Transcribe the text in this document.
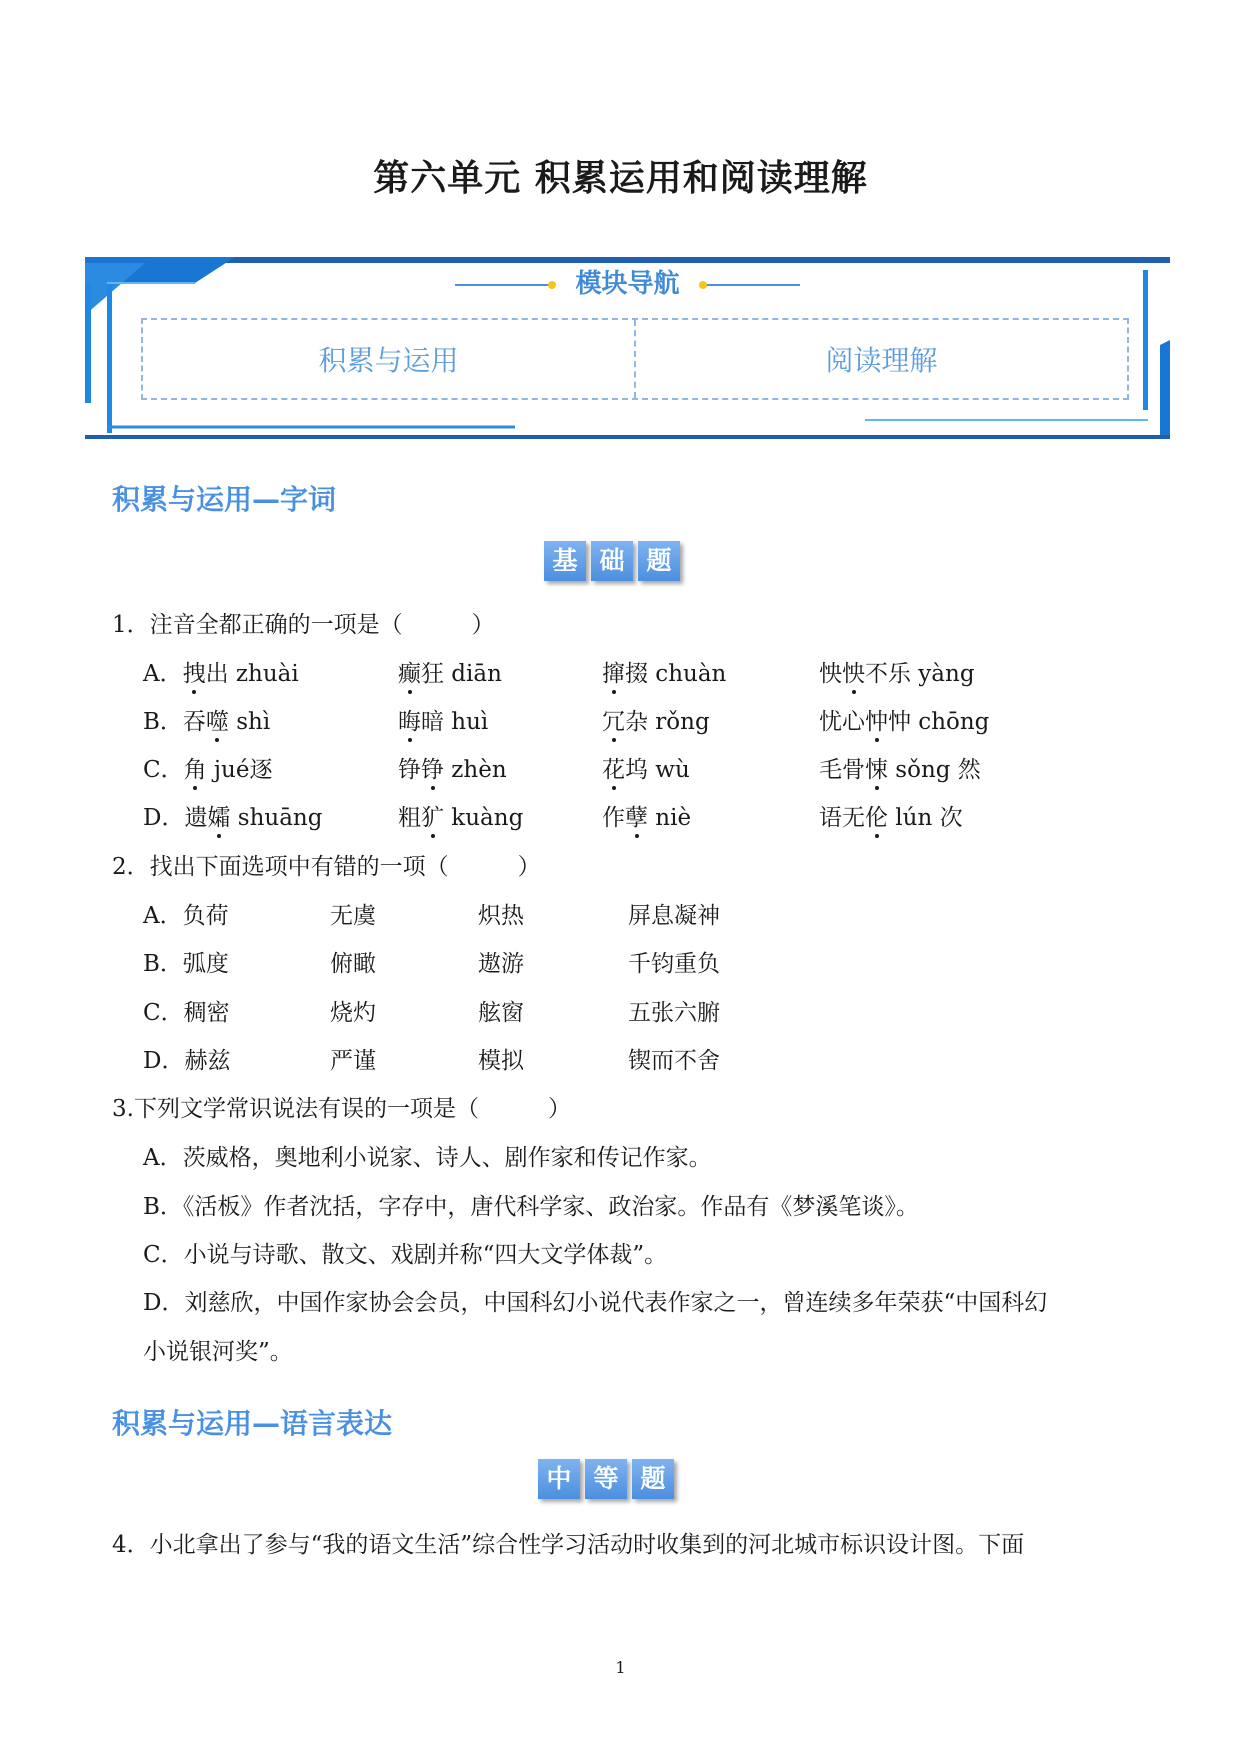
第六单元 积累运用和阅读理解
模块导航
积累与运用	阅读理解
积累与运用—字词
基 础 题
1．注音全都正确的一项是（　　　）
A．拽出 zhuài	癫狂 diān	撺掇 chuàn	怏怏不乐 yàng
B．吞噬 shì	晦暗 huì	冗杂 rǒng	忧心忡忡 chōng
C．角 jué逐	铮铮 zhèn	花坞 wù	毛骨悚 sǒng 然
D．遗孀 shuāng	粗犷 kuàng	作孽 niè	语无伦 lún 次
2．找出下面选项中有错的一项（　　　）
A．负荷	无虞	炽热	屏息凝神
B．弧度	俯瞰	遨游	千钧重负
C．稠密	烧灼	舷窗	五张六腑
D．赫兹	严谨	模拟	锲而不舍
3.下列文学常识说法有误的一项是（　　　）
A．茨威格，奥地利小说家、诗人、剧作家和传记作家。
B．《活板》作者沈括，字存中，唐代科学家、政治家。作品有《梦溪笔谈》。
C．小说与诗歌、散文、戏剧并称“四大文学体裁”。
D．刘慈欣，中国作家协会会员，中国科幻小说代表作家之一，曾连续多年荣获“中国科幻
小说银河奖”。
积累与运用—语言表达
中 等 题
4．小北拿出了参与“我的语文生活”综合性学习活动时收集到的河北城市标识设计图。下面
1
